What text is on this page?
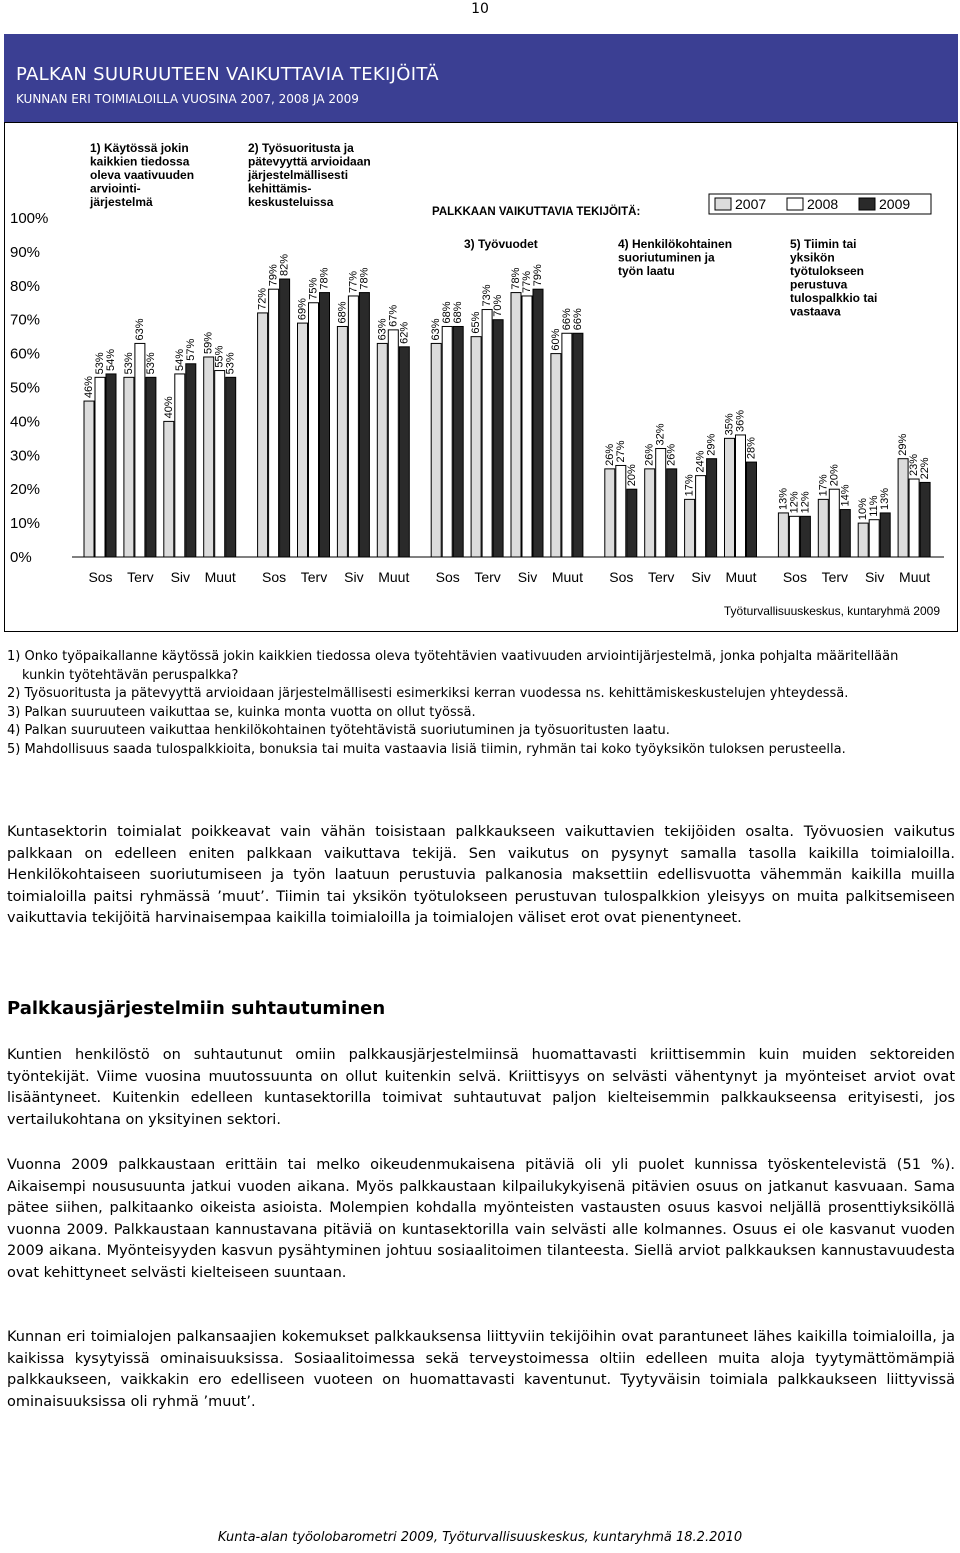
10
PALKAN SUURUUTEEN VAIKUTTAVIA TEKIJÖITÄ
KUNNAN ERI TOIMIALOILLA VUOSINA 2007, 2008 JA 2009
100%
90%
80%
70%
60%
50%
40%
30%
20%
10%
0%
PALKKAAN VAIKUTTAVIA TEKIJÖITÄ:	2007	2008	2009
1) Käytössä jokin
kaikkien tiedossa
oleva vaativuuden
arviointi-
järjestelmä
46%
53% 54%
Sos
53%
63%
53%
Terv
40%
54% 57%
Siv
59%
55% 53%
Muut
2) Työsuoritusta ja
pätevyyttä arvioidaan
järjestelmällisesti
kehittämis-
keskusteluissa
72%
79% 82%
Sos
69%
75% 78%
Terv
68%
77% 78%
Siv
63%
67%
62%
Muut
3) Työvuodet
63%
68% 68%
Sos
65%
73% 70%
Terv
78% 77% 79%
Siv
60%
66% 66%
Muut
4) Henkilökohtainen
suoriutuminen ja
työn laatu
26% 27%
20%
Sos
26%
32%
26%
Terv
17%
24%
29%
Siv
35% 36%
28%
Muut
5) Tiimin tai
yksikön
työtulokseen
perustuva
tulospalkkio tai
vastaava
13% 12% 12%
Sos
17% 20%
14%
Terv
10% 11% 13%
Siv
29%
23% 22%
Muut
Työturvallisuuskeskus, kuntaryhmä 2009

1) Onko työpaikallanne käytössä jokin kaikkien tiedossa oleva työtehtävien vaativuuden arviointijärjestelmä, jonka pohjalta määritellään kunkin työtehtävän peruspalkka?

2) Työsuoritusta ja pätevyyttä arvioidaan järjestelmällisesti esimerkiksi kerran vuodessa ns. kehittämiskeskustelujen yhteydessä.

3) Palkan suuruuteen vaikuttaa se, kuinka monta vuotta on ollut työssä.

4) Palkan suuruuteen vaikuttaa henkilökohtainen työtehtävistä suoriutuminen ja työsuoritusten laatu.

5) Mahdollisuus saada tulospalkkioita, bonuksia tai muita vastaavia lisiä tiimin, ryhmän tai koko työyksikön tuloksen perusteella.

Kuntasektorin toimialat poikkeavat vain vähän toisistaan palkkaukseen vaikuttavien tekijöiden osalta. Työvuosien vaikutus palkkaan on edelleen eniten palkkaan vaikuttava tekijä. Sen vaikutus on pysynyt samalla tasolla kaikilla toimialoilla. Henkilökohtaiseen suoriutumiseen ja työn laatuun perustuvia palkanosia maksettiin edellisvuotta vähemmän kaikilla muilla toimialoilla paitsi ryhmässä ’muut’. Tiimin tai yksikön työtulokseen perustuvan tulospalkkion yleisyys on muita palkitsemiseen vaikuttavia tekijöitä harvinaisempaa kaikilla toimialoilla ja toimialojen väliset erot ovat pienentyneet.

Palkkausjärjestelmiin suhtautuminen

Kuntien henkilöstö on suhtautunut omiin palkkausjärjestelmiinsä huomattavasti kriittisemmin kuin muiden sektoreiden työntekijät. Viime vuosina muutossuunta on ollut kuitenkin selvä. Kriittisyys on selvästi vähentynyt ja myönteiset arviot ovat lisääntyneet. Kuitenkin edelleen kuntasektorilla toimivat suhtautuvat paljon kielteisemmin palkkaukseensa erityisesti, jos vertailukohtana on yksityinen sektori.

Vuonna 2009 palkkaustaan erittäin tai melko oikeudenmukaisena pitäviä oli yli puolet kunnissa työskentelevistä (51 %). Aikaisempi noususuunta jatkui vuoden aikana. Myös palkkaustaan kilpailukykyisenä pitävien osuus on jatkanut kasvuaan. Sama pätee siihen, palkitaanko oikeista asioista. Molempien kohdalla myönteisten vastausten osuus kasvoi neljällä prosenttiyksiköllä vuonna 2009. Palkkaustaan kannustavana pitäviä on kuntasektorilla vain selvästi alle kolmannes. Osuus ei ole kasvanut vuoden 2009 aikana. Myönteisyyden kasvun pysähtyminen johtuu sosiaalitoimen tilanteesta. Siellä arviot palkkauksen kannustavuudesta ovat kehittyneet selvästi kielteiseen suuntaan.

Kunnan eri toimialojen palkansaajien kokemukset palkkauksensa liittyviin tekijöihin ovat parantuneet lähes kaikilla toimialoilla, ja kaikissa kysytyissä ominaisuuksissa. Sosiaalitoimessa sekä terveystoimessa oltiin edelleen muita aloja tyytymättömämpiä palkkaukseen, vaikkakin ero edelliseen vuoteen on huomattavasti kaventunut. Tyytyväisin toimiala palkkaukseen liittyvissä ominaisuuksissa oli ryhmä ’muut’.

Kunta-alan työolobarometri 2009, Työturvallisuuskeskus, kuntaryhmä 18.2.2010
